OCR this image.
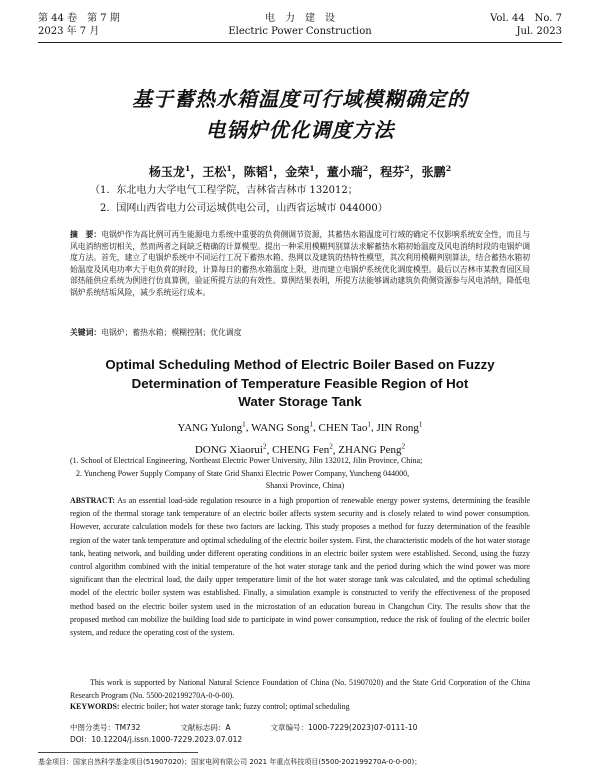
第 44 卷　第 7 期
2023 年 7 月
电　力　建　设
Electric Power Construction
Vol. 44　No. 7
Jul. 2023
基于蓄热水箱温度可行域模糊确定的
电锅炉优化调度方法
杨玉龙$^1$，王松$^1$，陈韬$^1$，金荣$^1$，董小瑞$^2$，程芬$^2$，张鹏$^2$
（1．东北电力大学电气工程学院，吉林省吉林市 132012；
2．国网山西省电力公司运城供电公司，山西省运城市 044000）
摘　要：电锅炉作为高比例可再生能源电力系统中重要的负荷侧调节资源，其蓄热水箱温度可行域的确定不仅影响系统安全性，而且与风电消纳密切相关，然而两者之间缺乏精确的计算模型。提出一种采用模糊判别算法求解蓄热水箱初始温度及风电消纳时段的电锅炉调度方法。首先，建立了电锅炉系统中不同运行工况下蓄热水箱、热网以及建筑的热特性模型，其次利用模糊判别算法，结合蓄热水箱初始温度及风电功率大于电负荷的时段，计算每日的蓄热水箱温度上限，进而建立电锅炉系统优化调度模型。最后以吉林市某教育园区局部热能供应系统为例进行仿真算例，验证所提方法的有效性。算例结果表明，所提方法能够调动建筑负荷侧资源参与风电消纳，降低电锅炉系统结垢风险，减少系统运行成本。
关键词：电锅炉；蓄热水箱；模糊控制；优化调度
Optimal Scheduling Method of Electric Boiler Based on Fuzzy
Determination of Temperature Feasible Region of Hot
Water Storage Tank
YANG Yulong$^1$, WANG Song$^1$, CHEN Tao$^1$, JIN Rong$^1$
DONG Xiaorui$^2$, CHENG Fen$^2$, ZHANG Peng$^2$
(1. School of Electrical Engineering, Northeast Electric Power University, Jilin 132012, Jilin Province, China;
2. Yuncheng Power Supply Company of State Grid Shanxi Electric Power Company, Yuncheng 044000,
Shanxi Province, China)
ABSTRACT: As an essential load-side regulation resource in a high proportion of renewable energy power systems, determining the feasible region of the thermal storage tank temperature of an electric boiler affects system security and is closely related to wind power consumption. However, accurate calculation models for these two factors are lacking. This study proposes a method for fuzzy determination of the feasible region of the water tank temperature and optimal scheduling of the electric boiler system. First, the characteristic models of the hot water storage tank, heating network, and building under different operating conditions in an electric boiler system were established. Second, using the fuzzy control algorithm combined with the initial temperature of the hot water storage tank and the period during which the wind power was more significant than the electrical load, the daily upper temperature limit of the hot water storage tank was calculated, and the optimal scheduling model of the electric boiler system was established. Finally, a simulation example is constructed to verify the effectiveness of the proposed method based on the electric boiler system used in the microstation of an education bureau in Changchun City. The results show that the proposed method can mobilize the building load side to participate in wind power consumption, reduce the risk of fouling of the electric boiler system, and reduce the operating cost of the system.
This work is supported by National Natural Science Foundation of China (No. 51907020) and the State Grid Corporation of the China Research Program (No. 5500-202199270A-0-0-00).
KEYWORDS: electric boiler; hot water storage tank; fuzzy control; optimal scheduling
中图分类号：TM732	文献标志码：A	文章编号：1000-7229(2023)07-0111-10
DOI：10.12204/j.issn.1000-7229.2023.07.012
基金项目：国家自然科学基金项目(51907020)；国家电网有限公司 2021 年重点科技项目(5500-202199270A-0-0-00)；
